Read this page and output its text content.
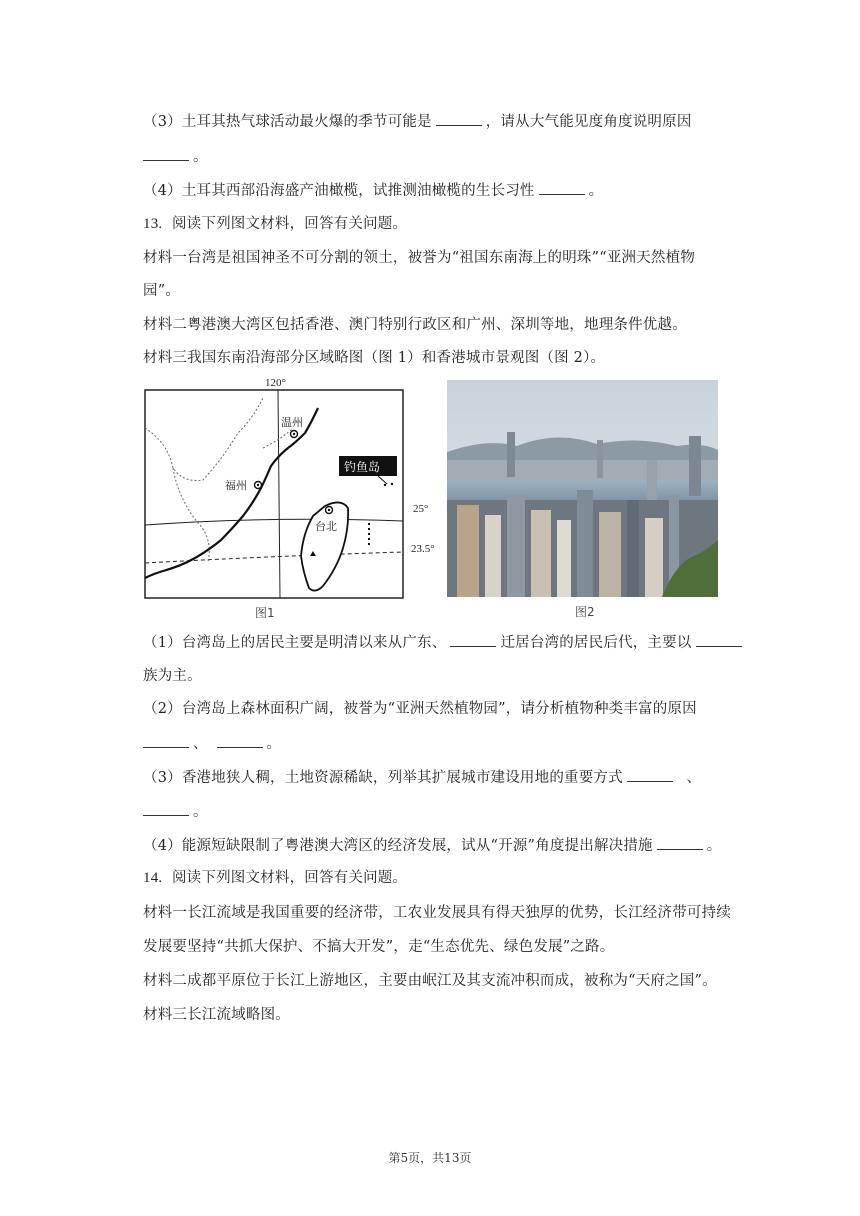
（3）土耳其热气球活动最火爆的季节可能是	，请从大气能见度角度说明原因
。
（4）土耳其西部沿海盛产油橄榄，试推测油橄榄的生长习性	。
13. 阅读下列图文材料，回答有关问题。
材料一台湾是祖国神圣不可分割的领土，被誉为“祖国东南海上的明珠”“亚洲天然植物
园”。
材料二粤港澳大湾区包括香港、澳门特别行政区和广州、深圳等地，地理条件优越。
材料三我国东南沿海部分区域略图（图 1）和香港城市景观图（图 2）。
温州
福州
台北
钓鱼岛
图1
120°
25°
23.5°
图2
（1）台湾岛上的居民主要是明清以来从广东、	迁居台湾的居民后代，主要以
族为主。
（2）台湾岛上森林面积广阔，被誉为“亚洲天然植物园”，请分析植物种类丰富的原因
、	。
（3）香港地狭人稠，土地资源稀缺，列举其扩展城市建设用地的重要方式	、
。
（4）能源短缺限制了粤港澳大湾区的经济发展，试从“开源”角度提出解决措施	。
14. 阅读下列图文材料，回答有关问题。
材料一长江流域是我国重要的经济带，工农业发展具有得天独厚的优势，长江经济带可持续
发展要坚持“共抓大保护、不搞大开发”，走“生态优先、绿色发展”之路。
材料二成都平原位于长江上游地区，主要由岷江及其支流冲积而成，被称为“天府之国”。
材料三长江流域略图。
第5页，共13页
